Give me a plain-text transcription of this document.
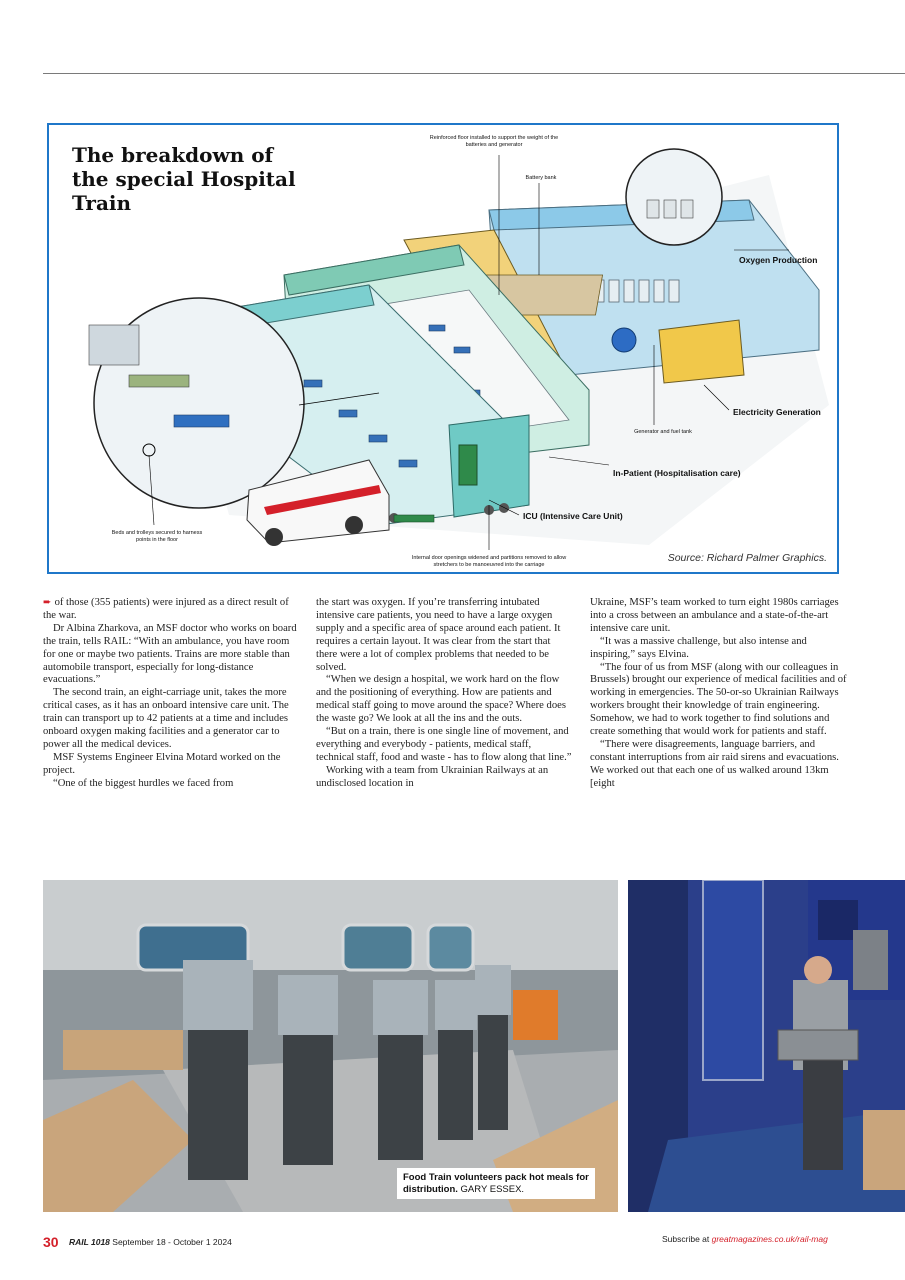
The breakdown of the special Hospital Train
Reinforced floor installed to support the weight of the batteries and generator
Battery bank
Oxygen Production
Electricity Generation
Generator and fuel tank
In-Patient (Hospitalisation care)
ICU (Intensive Care Unit)
Beds and trolleys secured to harness points in the floor
Internal door openings widened and partitions removed to allow stretchers to be manoeuvred into the carriage
Source: Richard Palmer Graphics.

➨ of those (355 patients) were injured as a direct result of the war.

Dr Albina Zharkova, an MSF doctor who works on board the train, tells RAIL: “With an ambulance, you have room for one or maybe two patients. Trains are more stable than automobile transport, especially for long-distance evacuations.”

The second train, an eight-carriage unit, takes the more critical cases, as it has an onboard intensive care unit. The train can transport up to 42 patients at a time and includes onboard oxygen making facilities and a generator car to power all the medical devices.

MSF Systems Engineer Elvina Motard worked on the project.

“One of the biggest hurdles we faced from

the start was oxygen. If you’re transferring intubated intensive care patients, you need to have a large oxygen supply and a specific area of space around each patient. It requires a certain layout. It was clear from the start that there were a lot of complex problems that needed to be solved.

“When we design a hospital, we work hard on the flow and the positioning of everything. How are patients and medical staff going to move around the space? Where does the waste go? We look at all the ins and the outs.

“But on a train, there is one single line of movement, and everything and everybody - patients, medical staff, technical staff, food and waste - has to flow along that line.”

Working with a team from Ukrainian Railways at an undisclosed location in

Ukraine, MSF’s team worked to turn eight 1980s carriages into a cross between an ambulance and a state-of-the-art intensive care unit.

“It was a massive challenge, but also intense and inspiring,” says Elvina.

“The four of us from MSF (along with our colleagues in Brussels) brought our experience of medical facilities and of working in emergencies. The 50-or-so Ukrainian Railways workers brought their knowledge of train engineering. Somehow, we had to work together to find solutions and create something that would work for patients and staff.

“There were disagreements, language barriers, and constant interruptions from air raid sirens and evacuations. We worked out that each one of us walked around 13km [eight

Food Train volunteers pack hot meals for distribution. GARY ESSEX.
30 RAIL 1018 September 18 - October 1 2024	Subscribe at greatmagazines.co.uk/rail-mag
